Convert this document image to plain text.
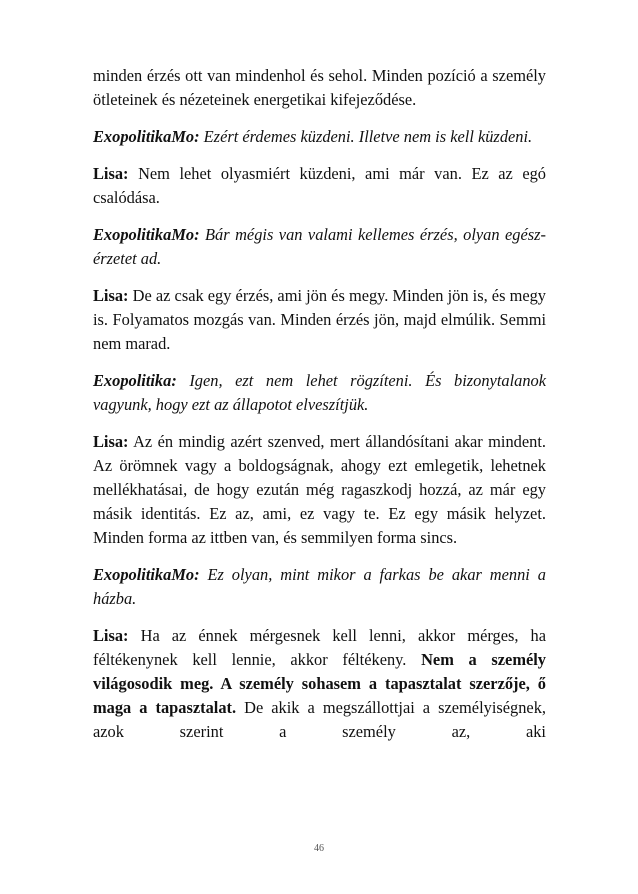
minden érzés ott van mindenhol és sehol. Minden pozíció a személy ötleteinek és nézeteinek energetikai kifejeződése.

ExopolitikaMo: Ezért érdemes küzdeni. Illetve nem is kell küzdeni.

Lisa: Nem lehet olyasmiért küzdeni, ami már van. Ez az egó csalódása.

ExopolitikaMo: Bár mégis van valami kellemes érzés, olyan egész-érzetet ad.

Lisa: De az csak egy érzés, ami jön és megy. Minden jön is, és megy is. Folyamatos mozgás van. Minden érzés jön, majd elmúlik. Semmi nem marad.

Exopolitika: Igen, ezt nem lehet rögzíteni. És bizonytalanok vagyunk, hogy ezt az állapotot elveszítjük.

Lisa: Az én mindig azért szenved, mert állandósítani akar mindent. Az örömnek vagy a boldogságnak, ahogy ezt emlegetik, lehetnek mellékhatásai, de hogy ezután még ragaszkodj hozzá, az már egy másik identitás. Ez az, ami, ez vagy te. Ez egy másik helyzet. Minden forma az ittben van, és semmilyen forma sincs.

ExopolitikaMo: Ez olyan, mint mikor a farkas be akar menni a házba.

Lisa: Ha az énnek mérgesnek kell lenni, akkor mérges, ha féltékenynek kell lennie, akkor féltékeny. Nem a személy világosodik meg. A személy sohasem a tapasztalat szerzője, ő maga a tapasztalat. De akik a megszállottjai a személyiségnek, azok szerint a személy az, aki

46
